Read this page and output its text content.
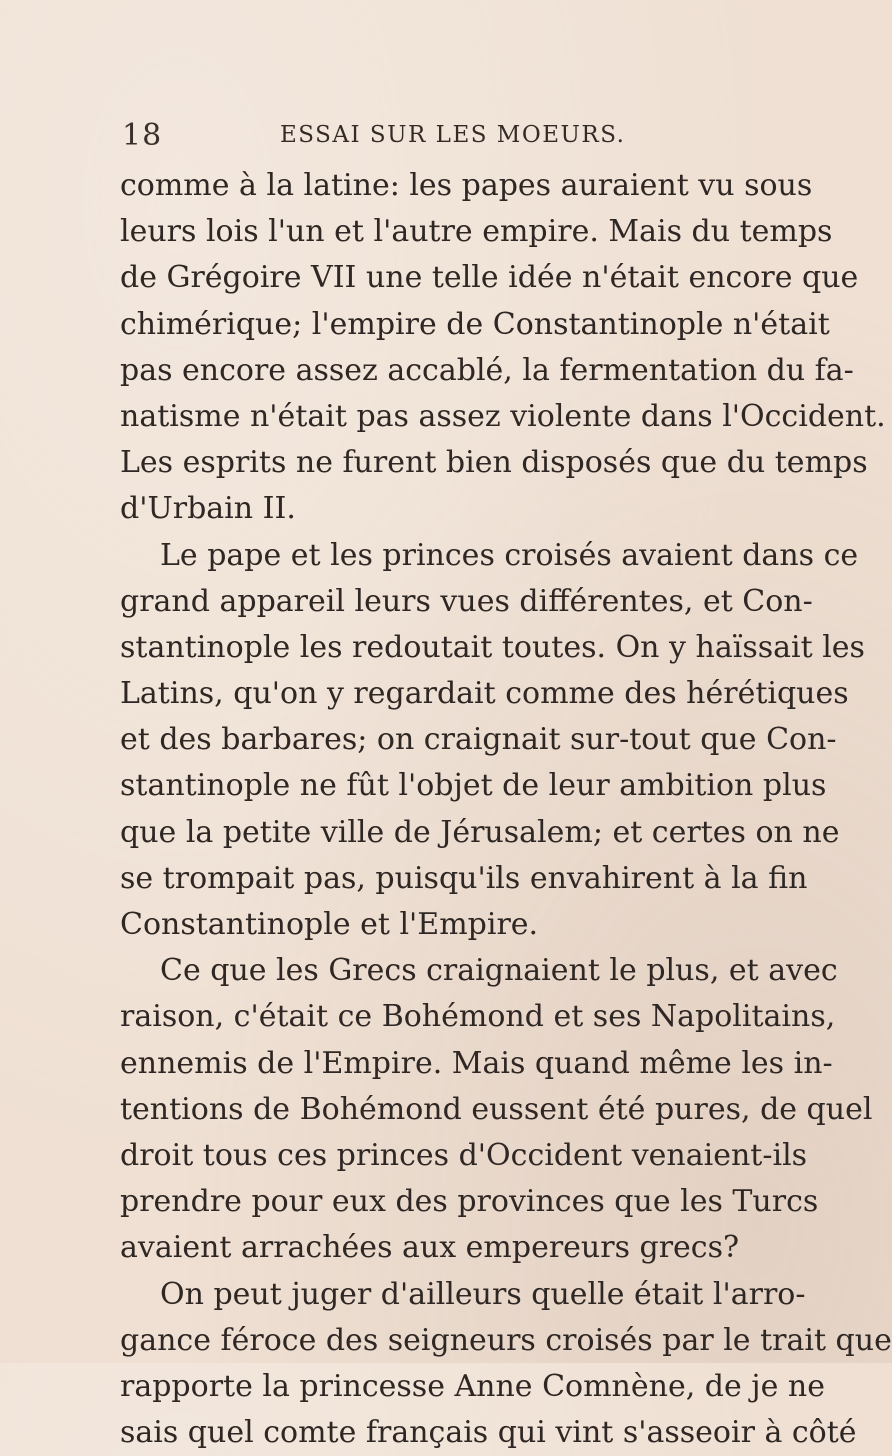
18	ESSAI SUR LES MOEURS.
comme à la latine: les papes auraient vu sous
leurs lois l'un et l'autre empire. Mais du temps
de Grégoire VII une telle idée n'était encore que
chimérique; l'empire de Constantinople n'était
pas encore assez accablé, la fermentation du fa-
natisme n'était pas assez violente dans l'Occident.
Les esprits ne furent bien disposés que du temps
d'Urbain II.
Le pape et les princes croisés avaient dans ce
grand appareil leurs vues différentes, et Con-
stantinople les redoutait toutes. On y haïssait les
Latins, qu'on y regardait comme des hérétiques
et des barbares; on craignait sur-tout que Con-
stantinople ne fût l'objet de leur ambition plus
que la petite ville de Jérusalem; et certes on ne
se trompait pas, puisqu'ils envahirent à la fin
Constantinople et l'Empire.
Ce que les Grecs craignaient le plus, et avec
raison, c'était ce Bohémond et ses Napolitains,
ennemis de l'Empire. Mais quand même les in-
tentions de Bohémond eussent été pures, de quel
droit tous ces princes d'Occident venaient-ils
prendre pour eux des provinces que les Turcs
avaient arrachées aux empereurs grecs?
On peut juger d'ailleurs quelle était l'arro-
gance féroce des seigneurs croisés par le trait que
rapporte la princesse Anne Comnène, de je ne
sais quel comte français qui vint s'asseoir à côté
